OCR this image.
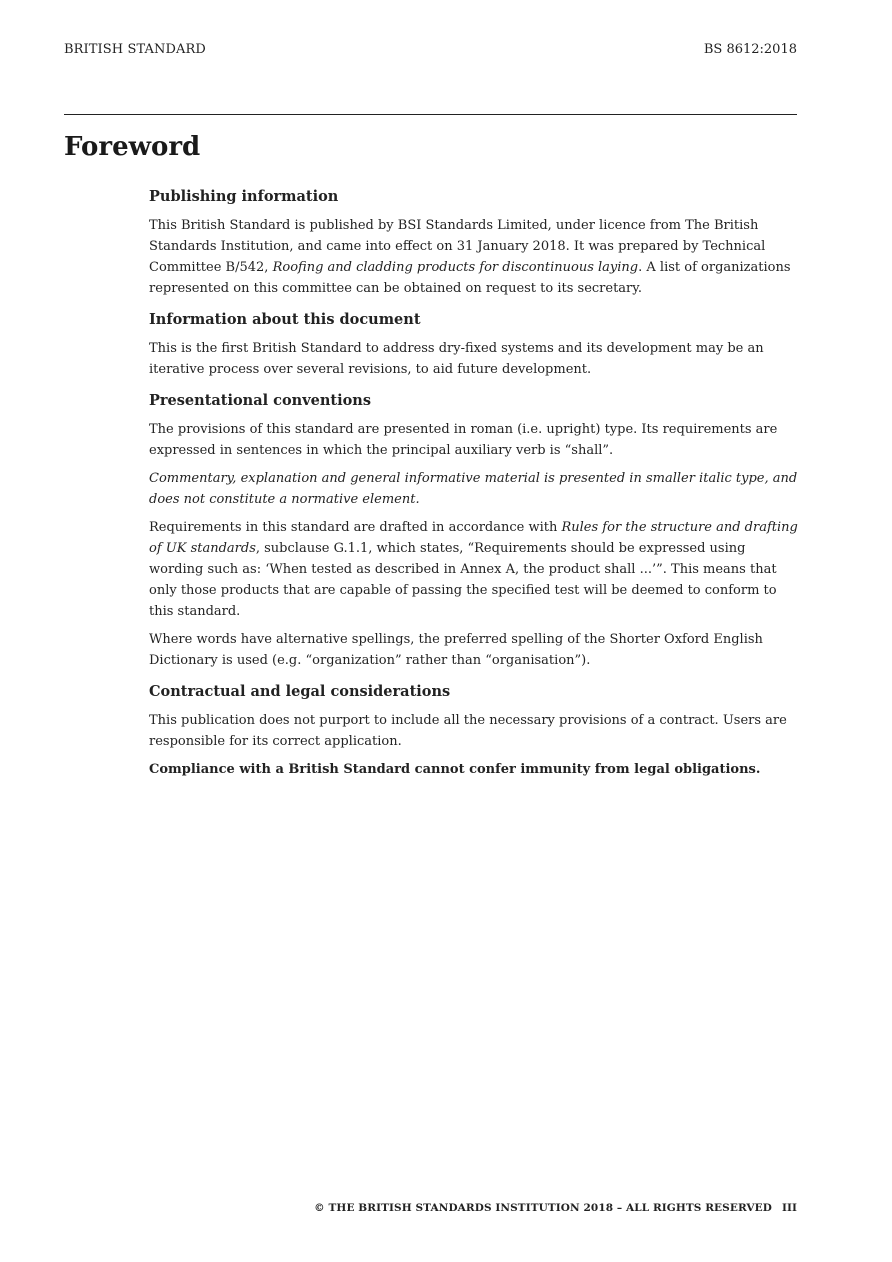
BRITISH STANDARD	BS 8612:2018
Foreword
Publishing information

This British Standard is published by BSI Standards Limited, under licence from The British Standards Institution, and came into effect on 31 January 2018. It was prepared by Technical Committee B/542, Roofing and cladding products for discontinuous laying. A list of organizations represented on this committee can be obtained on request to its secretary.

Information about this document

This is the first British Standard to address dry-fixed systems and its development may be an iterative process over several revisions, to aid future development.

Presentational conventions

The provisions of this standard are presented in roman (i.e. upright) type. Its requirements are expressed in sentences in which the principal auxiliary verb is “shall”.

Commentary, explanation and general informative material is presented in smaller italic type, and does not constitute a normative element.

Requirements in this standard are drafted in accordance with Rules for the structure and drafting of UK standards, subclause G.1.1, which states, “Requirements should be expressed using wording such as: ‘When tested as described in Annex A, the product shall ...’”. This means that only those products that are capable of passing the specified test will be deemed to conform to this standard.

Where words have alternative spellings, the preferred spelling of the Shorter Oxford English Dictionary is used (e.g. “organization” rather than “organisation”).

Contractual and legal considerations

This publication does not purport to include all the necessary provisions of a contract. Users are responsible for its correct application.

Compliance with a British Standard cannot confer immunity from legal obligations.

© THE BRITISH STANDARDS INSTITUTION 2018 – ALL RIGHTS RESERVED III
